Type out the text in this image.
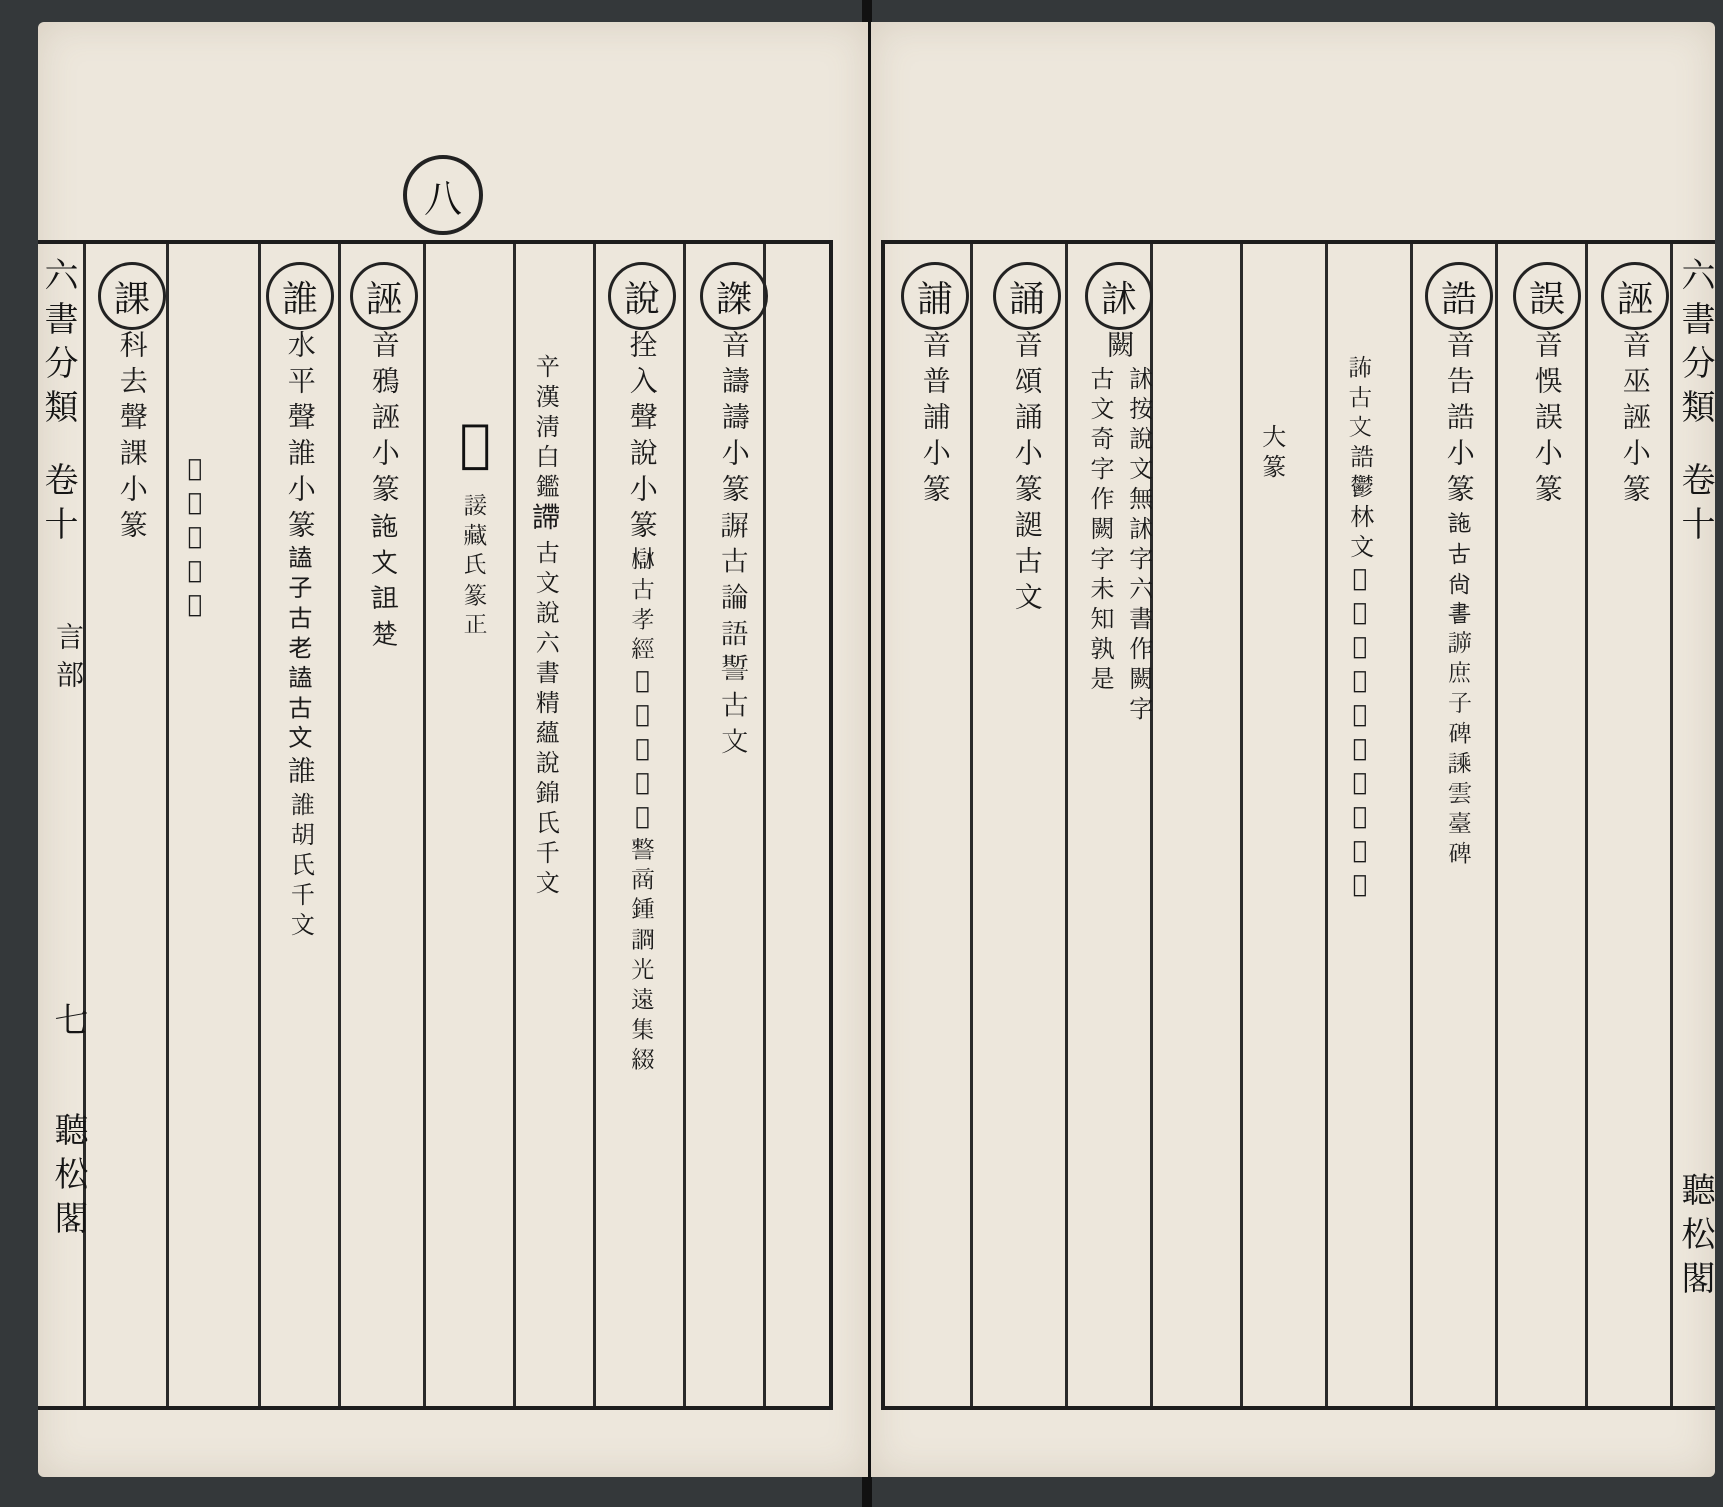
八
謋
音譸
譸小篆
𧫮古論語
𧬊古文
說
拴入聲
說小篆
𧩁古孝經
𧨞貝丘長碑
𧫣商鍾
𧨝光遠集綴
䇂漢淸白鑑
𧫚
古文
說六書精蘊
說錦氏千文
𧪻
𧩕藏氏篆正
誣
音鴉
誣小篆
𧦧文詛楚
誰
水平聲
誰小篆
𧪞子古老
𧪞古文
誰
誰胡氏千文
𧦆藏氏篆正
課
科去聲
課小篆
六書分類
卷十
言部
七
聽松閣
誣
音巫
誣小篆
誤
音悞
誤小篆
誥
音告
誥小篆
𧦧古尚書
𧩯庶子碑
𧪝雲臺碑
𧦞古文
誥鬱林文
𧪑存乂切韻
𧩏李氏摭古
大篆
訹
闕
訹按說文無訹字六書作闕字
古文奇字作闕字未知孰是
誦
音頌
誦小篆
𧩙古文
誧
音普
誧小篆
六書分類
卷十
聽松閣
